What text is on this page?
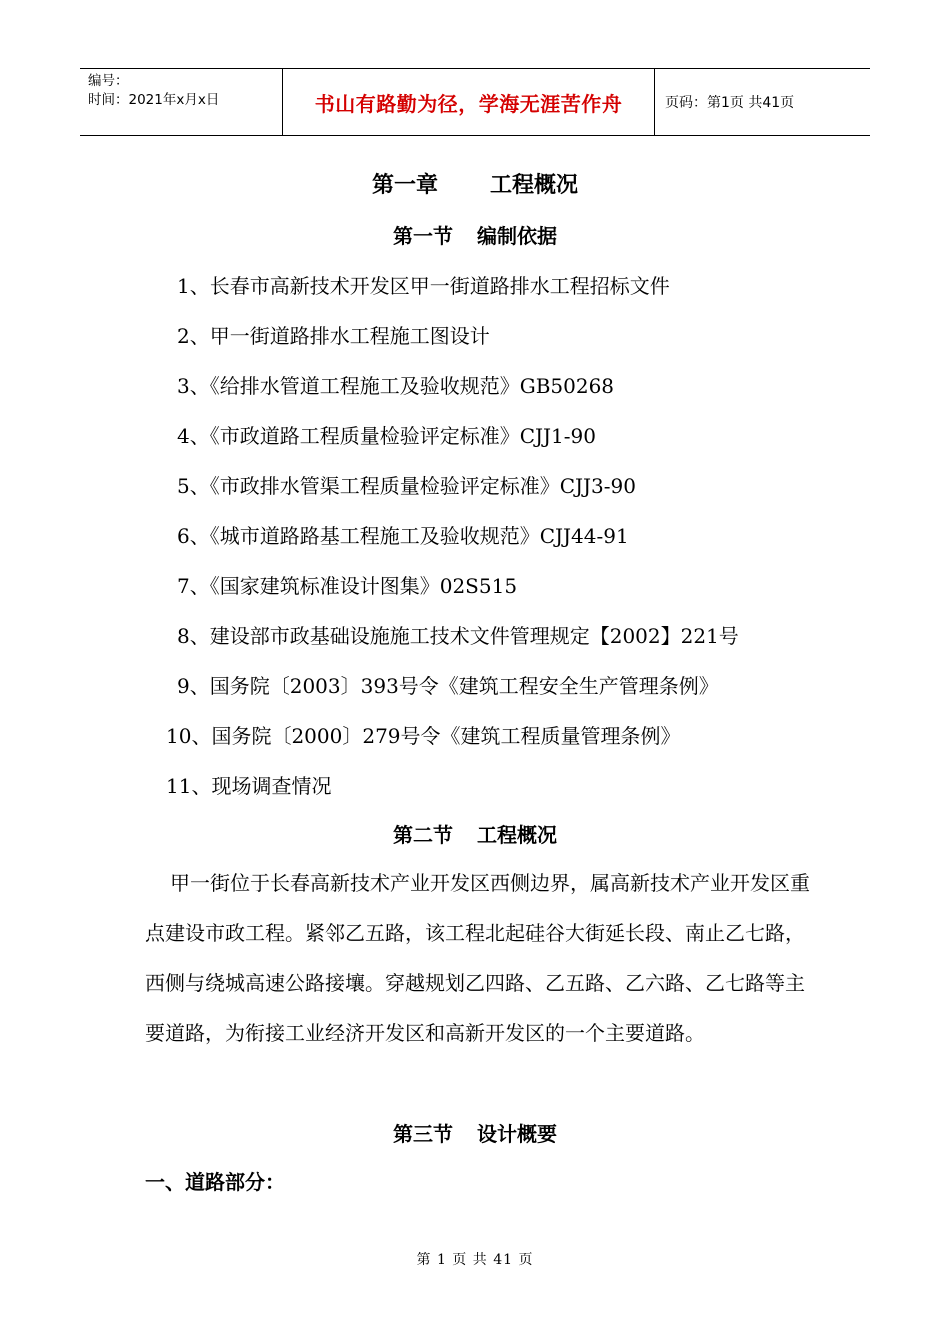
编号：
时间：2021年x月x日	书山有路勤为径，学海无涯苦作舟	页码：第1页 共41页
第一章 工程概况
第一节 编制依据
1、长春市高新技术开发区甲一街道路排水工程招标文件
2、甲一街道路排水工程施工图设计
3、《给排水管道工程施工及验收规范》GB50268
4、《市政道路工程质量检验评定标准》CJJ1-90
5、《市政排水管渠工程质量检验评定标准》CJJ3-90
6、《城市道路路基工程施工及验收规范》CJJ44-91
7、《国家建筑标准设计图集》02S515
8、建设部市政基础设施施工技术文件管理规定【2002】221号
9、国务院〔2003〕393号令《建筑工程安全生产管理条例》
10、国务院〔2000〕279号令《建筑工程质量管理条例》
11、现场调查情况
第二节 工程概况

甲一街位于长春高新技术产业开发区西侧边界，属高新技术产业开发区重点建设市政工程。紧邻乙五路，该工程北起硅谷大街延长段、南止乙七路，西侧与绕城高速公路接壤。穿越规划乙四路、乙五路、乙六路、乙七路等主要道路，为衔接工业经济开发区和高新开发区的一个主要道路。

第三节 设计概要
一、道路部分：
第 1 页 共 41 页
